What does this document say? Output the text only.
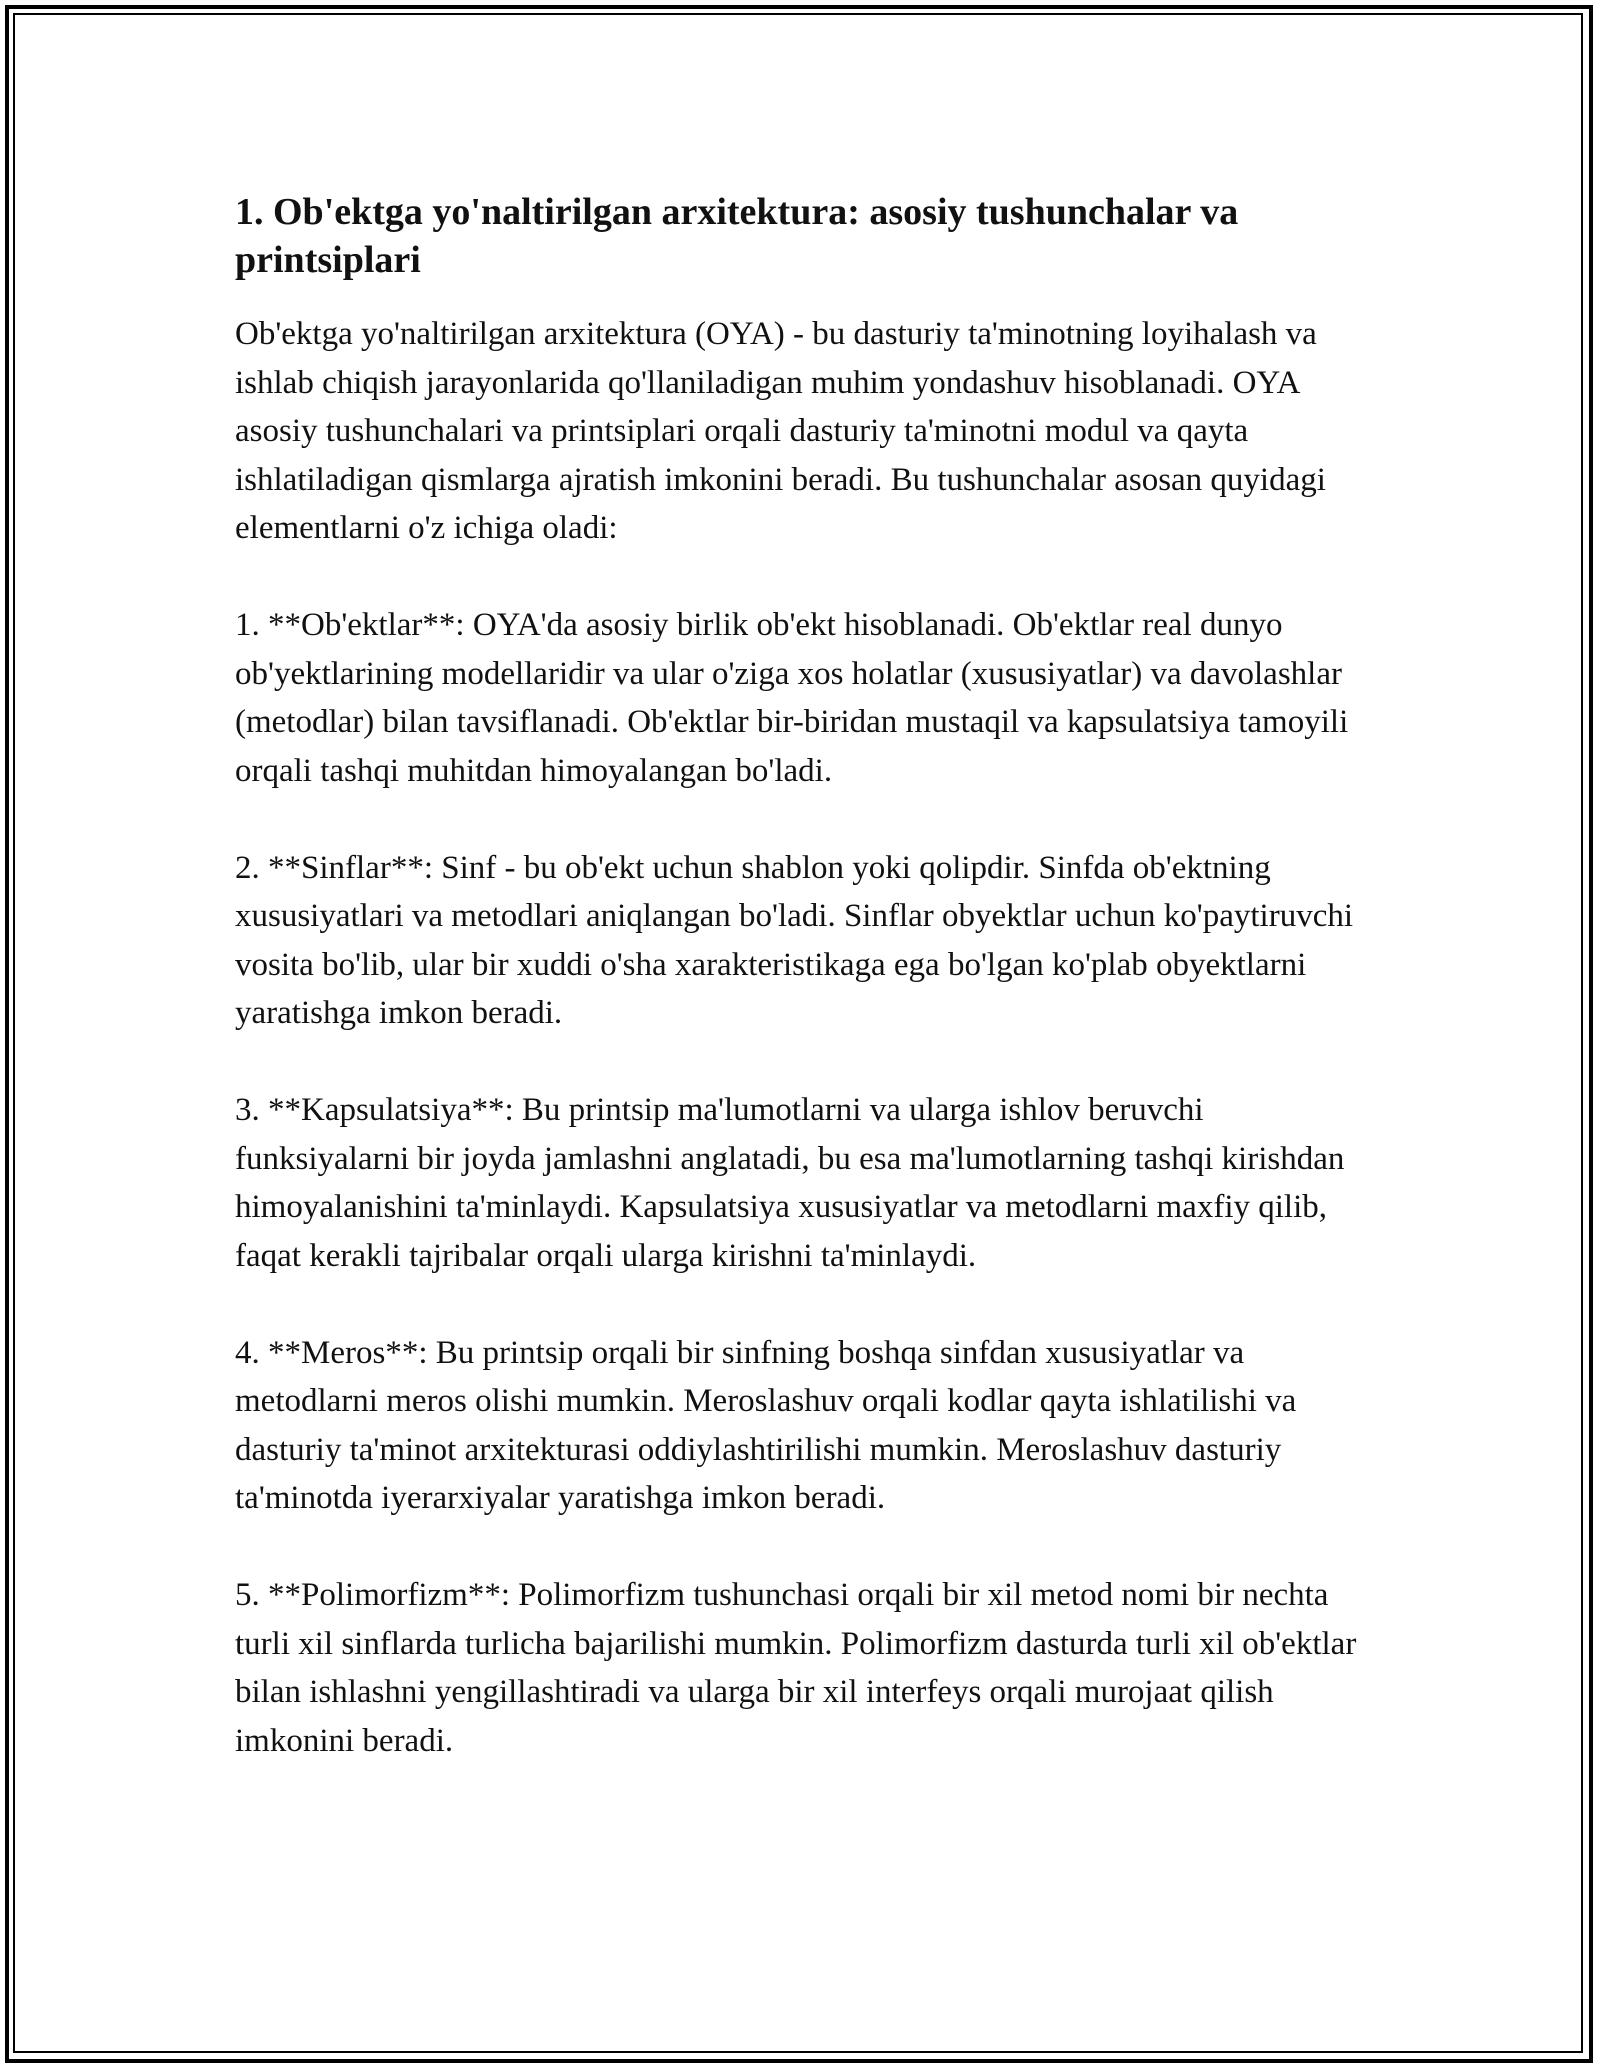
1. Ob'ektga yo'naltirilgan arxitektura: asosiy tushunchalar va printsiplari

Ob'ektga yo'naltirilgan arxitektura (OYA) - bu dasturiy ta'minotning loyihalash va ishlab chiqish jarayonlarida qo'llaniladigan muhim yondashuv hisoblanadi. OYA asosiy tushunchalari va printsiplari orqali dasturiy ta'minotni modul va qayta ishlatiladigan qismlarga ajratish imkonini beradi. Bu tushunchalar asosan quyidagi elementlarni o'z ichiga oladi:

1. **Ob'ektlar**: OYA'da asosiy birlik ob'ekt hisoblanadi. Ob'ektlar real dunyo ob'yektlarining modellaridir va ular o'ziga xos holatlar (xususiyatlar) va davolashlar (metodlar) bilan tavsiflanadi. Ob'ektlar bir-biridan mustaqil va kapsulatsiya tamoyili orqali tashqi muhitdan himoyalangan bo'ladi.

2. **Sinflar**: Sinf - bu ob'ekt uchun shablon yoki qolipdir. Sinfda ob'ektning xususiyatlari va metodlari aniqlangan bo'ladi. Sinflar obyektlar uchun ko'paytiruvchi vosita bo'lib, ular bir xuddi o'sha xarakteristikaga ega bo'lgan ko'plab obyektlarni yaratishga imkon beradi.

3. **Kapsulatsiya**: Bu printsip ma'lumotlarni va ularga ishlov beruvchi funksiyalarni bir joyda jamlashni anglatadi, bu esa ma'lumotlarning tashqi kirishdan himoyalanishini ta'minlaydi. Kapsulatsiya xususiyatlar va metodlarni maxfiy qilib, faqat kerakli tajribalar orqali ularga kirishni ta'minlaydi.

4. **Meros**: Bu printsip orqali bir sinfning boshqa sinfdan xususiyatlar va metodlarni meros olishi mumkin. Meroslashuv orqali kodlar qayta ishlatilishi va dasturiy ta'minot arxitekturasi oddiylashtirilishi mumkin. Meroslashuv dasturiy ta'minotda iyerarxiyalar yaratishga imkon beradi.

5. **Polimorfizm**: Polimorfizm tushunchasi orqali bir xil metod nomi bir nechta turli xil sinflarda turlicha bajarilishi mumkin. Polimorfizm dasturda turli xil ob'ektlar bilan ishlashni yengillashtiradi va ularga bir xil interfeys orqali murojaat qilish imkonini beradi.
